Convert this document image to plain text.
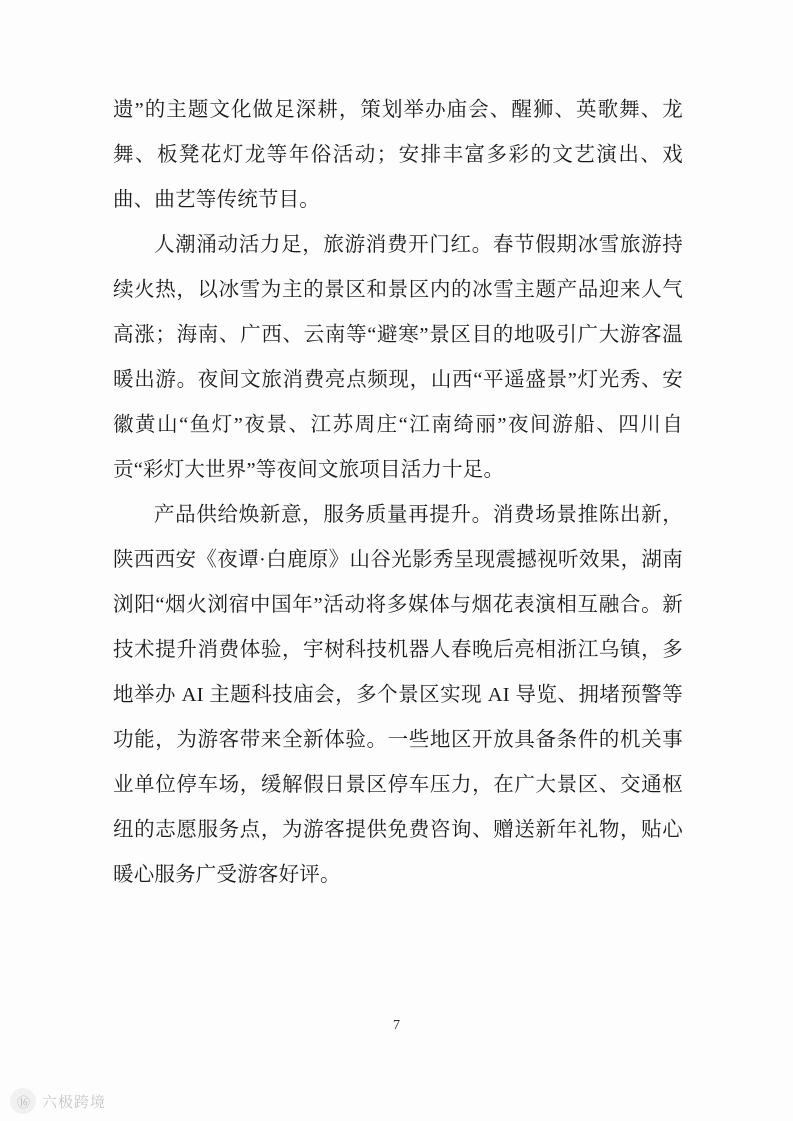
遗”的主题文化做足深耕，策划举办庙会、醒狮、英歌舞、龙舞、板凳花灯龙等年俗活动；安排丰富多彩的文艺演出、戏曲、曲艺等传统节目。

人潮涌动活力足，旅游消费开门红。春节假期冰雪旅游持续火热，以冰雪为主的景区和景区内的冰雪主题产品迎来人气高涨；海南、广西、云南等“避寒”景区目的地吸引广大游客温暖出游。夜间文旅消费亮点频现，山西“平遥盛景”灯光秀、安徽黄山“鱼灯”夜景、江苏周庄“江南绮丽”夜间游船、四川自贡“彩灯大世界”等夜间文旅项目活力十足。

产品供给焕新意，服务质量再提升。消费场景推陈出新，陕西西安《夜谭·白鹿原》山谷光影秀呈现震撼视听效果，湖南浏阳“烟火浏宿中国年”活动将多媒体与烟花表演相互融合。新技术提升消费体验，宇树科技机器人春晚后亮相浙江乌镇，多地举办 AI 主题科技庙会，多个景区实现 AI 导览、拥堵预警等功能，为游客带来全新体验。一些地区开放具备条件的机关事业单位停车场，缓解假日景区停车压力，在广大景区、交通枢纽的志愿服务点，为游客提供免费咨询、赠送新年礼物，贴心暖心服务广受游客好评。

7
⑯ 六极跨境
